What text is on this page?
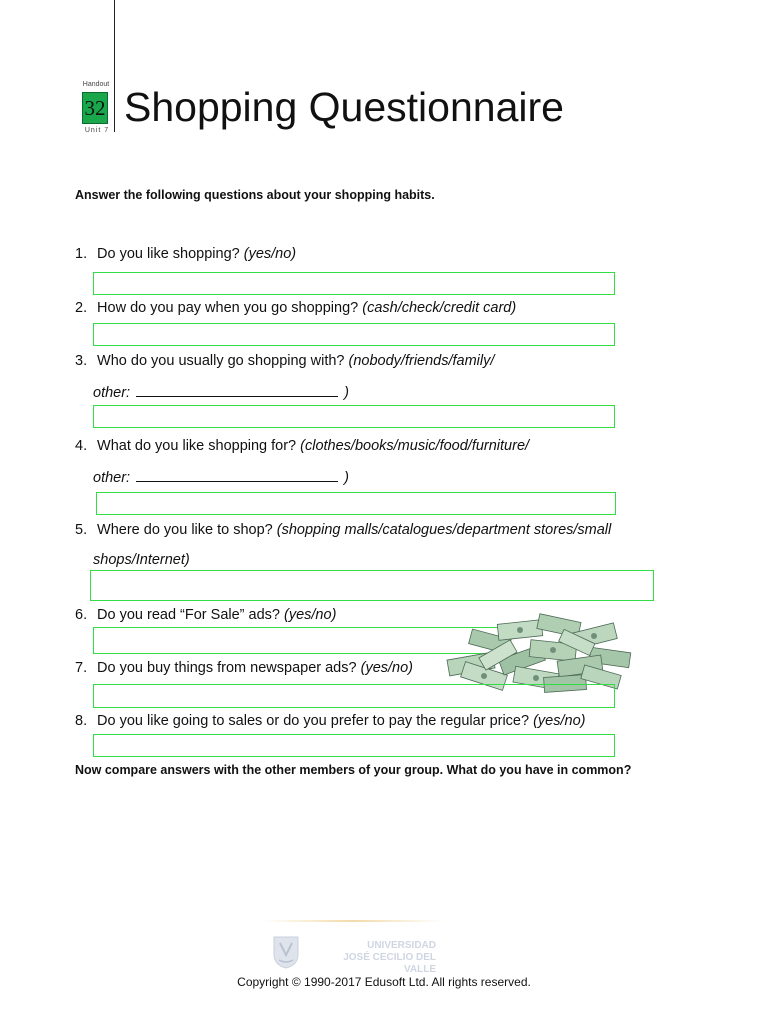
Handout
32
Unit 7
Shopping Questionnaire
Answer the following questions about your shopping habits.
1. Do you like shopping? (yes/no)
2. How do you pay when you go shopping? (cash/check/credit card)
3. Who do you usually go shopping with? (nobody/friends/family/
other:	)
4. What do you like shopping for? (clothes/books/music/food/furniture/
other:	)
5. Where do you like to shop? (shopping malls/catalogues/department stores/small
shops/Internet)
6. Do you read “For Sale” ads? (yes/no)
7. Do you buy things from newspaper ads? (yes/no)
8. Do you like going to sales or do you prefer to pay the regular price? (yes/no)
Now compare answers with the other members of your group. What do you have in common?
UNIVERSIDAD
JOSÉ CECILIO DEL VALLE
Copyright © 1990-2017 Edusoft Ltd. All rights reserved.
